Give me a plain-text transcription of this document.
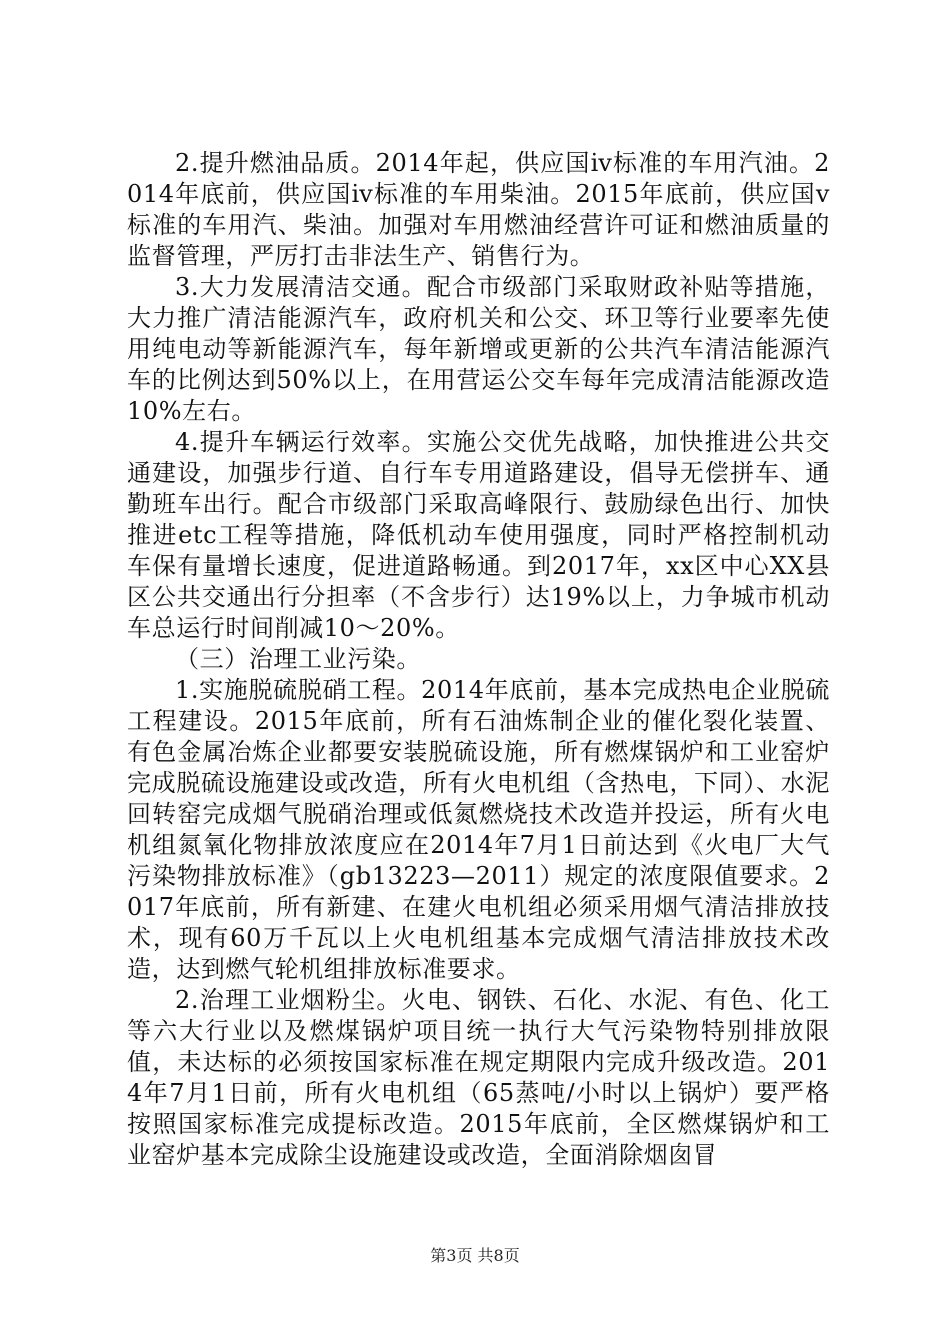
2.提升燃油品质。2014年起，供应国ⅳ标准的车用汽油。2014年底前，供应国ⅳ标准的车用柴油。2015年底前，供应国ⅴ标准的车用汽、柴油。加强对车用燃油经营许可证和燃油质量的监督管理，严厉打击非法生产、销售行为。

3.大力发展清洁交通。配合市级部门采取财政补贴等措施，大力推广清洁能源汽车，政府机关和公交、环卫等行业要率先使用纯电动等新能源汽车，每年新增或更新的公共汽车清洁能源汽车的比例达到50%以上，在用营运公交车每年完成清洁能源改造10%左右。

4.提升车辆运行效率。实施公交优先战略，加快推进公共交通建设，加强步行道、自行车专用道路建设，倡导无偿拼车、通勤班车出行。配合市级部门采取高峰限行、鼓励绿色出行、加快推进etc工程等措施，降低机动车使用强度，同时严格控制机动车保有量增长速度，促进道路畅通。到2017年，xx区中心XX县区公共交通出行分担率（不含步行）达19%以上，力争城市机动车总运行时间削减10～20%。

（三）治理工业污染。

1.实施脱硫脱硝工程。2014年底前，基本完成热电企业脱硫工程建设。2015年底前，所有石油炼制企业的催化裂化装置、有色金属冶炼企业都要安装脱硫设施，所有燃煤锅炉和工业窑炉完成脱硫设施建设或改造，所有火电机组（含热电，下同）、水泥回转窑完成烟气脱硝治理或低氮燃烧技术改造并投运，所有火电机组氮氧化物排放浓度应在2014年7月1日前达到《火电厂大气污染物排放标准》（gb13223—2011）规定的浓度限值要求。2017年底前，所有新建、在建火电机组必须采用烟气清洁排放技术，现有60万千瓦以上火电机组基本完成烟气清洁排放技术改造，达到燃气轮机组排放标准要求。

2.治理工业烟粉尘。火电、钢铁、石化、水泥、有色、化工等六大行业以及燃煤锅炉项目统一执行大气污染物特别排放限值，未达标的必须按国家标准在规定期限内完成升级改造。2014年7月1日前，所有火电机组（65蒸吨/小时以上锅炉）要严格按照国家标准完成提标改造。2015年底前，全区燃煤锅炉和工业窑炉基本完成除尘设施建设或改造，全面消除烟囱冒

第3页 共8页
